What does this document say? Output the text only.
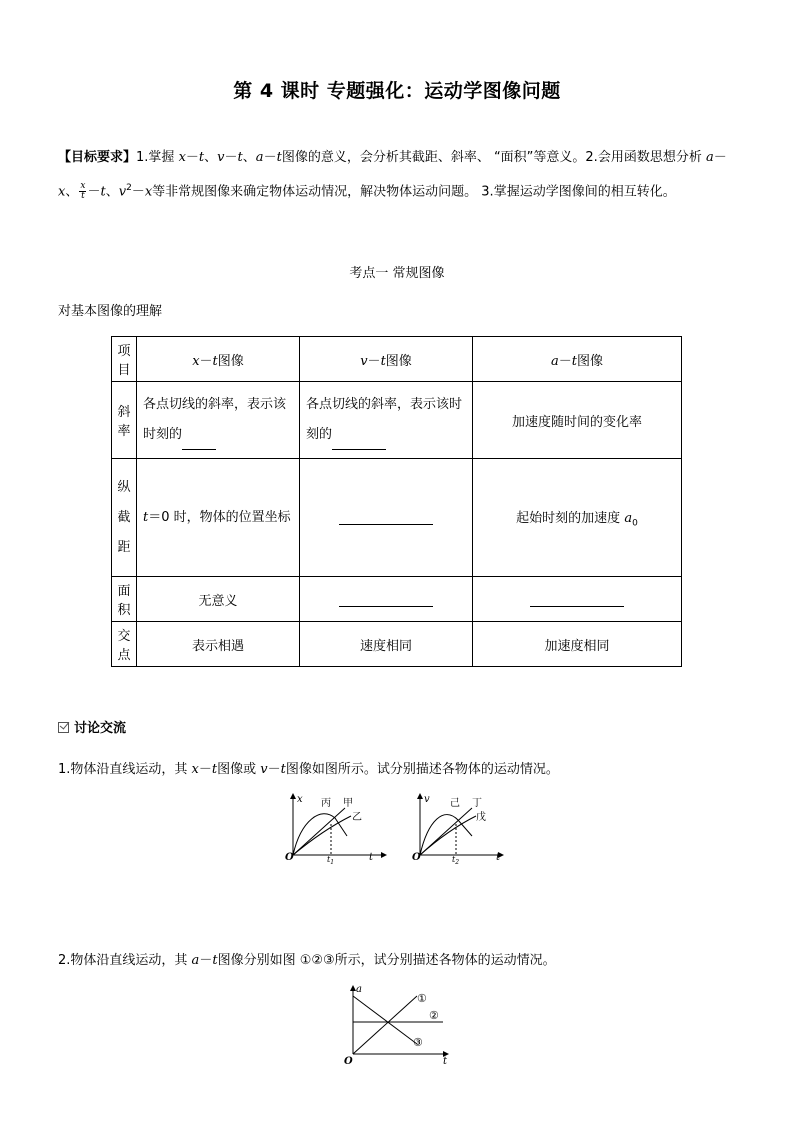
第 4 课时 专题强化：运动学图像问题
【目标要求】1.掌握 x－t、v－t、a－t图像的意义，会分析其截距、斜率、 “面积”等意义。2.会用函数思想分析 a－x、 $\frac{x}{t} -t$、$v^2-x$等非常规图像来确定物体运动情况，解决物体运动问题。 3.掌握运动学图像间的相互转化。
考点一 常规图像
对基本图像的理解
项目	x－t图像	v－t图像	a－t图像
斜率	各点切线的斜率，表示该时刻的	各点切线的斜率，表示该时刻的	加速度随时间的变化率
纵
截
距	t＝0 时，物体的位置坐标		起始时刻的加速度 $a_0$
面积	无意义		
交点	表示相遇	速度相同	加速度相同
讨论交流
1.物体沿直线运动，其 x－t图像或 v－t图像如图所示。试分别描述各物体的运动情况。
x
t
O	$t_1$
丙 甲
乙
v
t
O	$t_2$
己 丁
戊
2.物体沿直线运动，其 a－t图像分别如图 ①②③所示，试分别描述各物体的运动情况。
a
t
O
①
②
③
